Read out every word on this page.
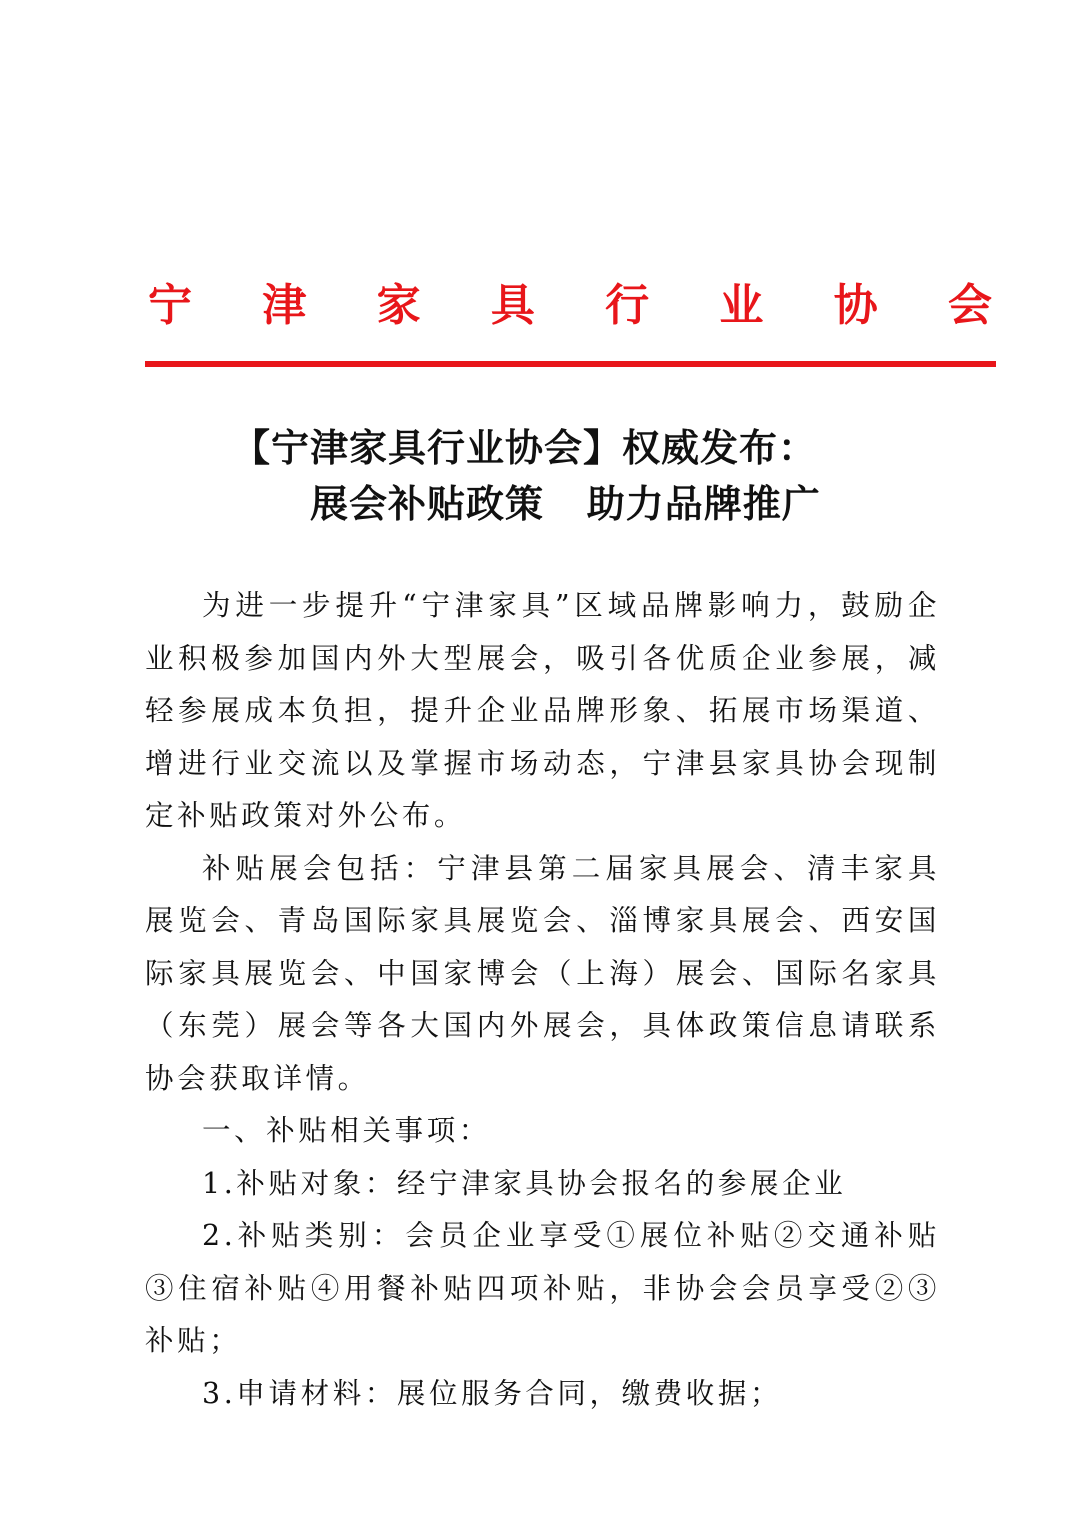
宁 津 家 具 行 业 协 会
【宁津家具行业协会】权威发布：
展会补贴政策   助力品牌推广

为进一步提升“宁津家具”区域品牌影响力，鼓励企业积极参加国内外大型展会，吸引各优质企业参展，减轻参展成本负担，提升企业品牌形象、拓展市场渠道、增进行业交流以及掌握市场动态，宁津县家具协会现制定补贴政策对外公布。

补贴展会包括：宁津县第二届家具展会、清丰家具展览会、青岛国际家具展览会、淄博家具展会、西安国际家具展览会、中国家博会（上海）展会、国际名家具（东莞）展会等各大国内外展会，具体政策信息请联系协会获取详情。

一、补贴相关事项：

1.补贴对象：经宁津家具协会报名的参展企业

2.补贴类别：会员企业享受①展位补贴②交通补贴③住宿补贴④用餐补贴四项补贴，非协会会员享受②③补贴；

3.申请材料：展位服务合同，缴费收据；
